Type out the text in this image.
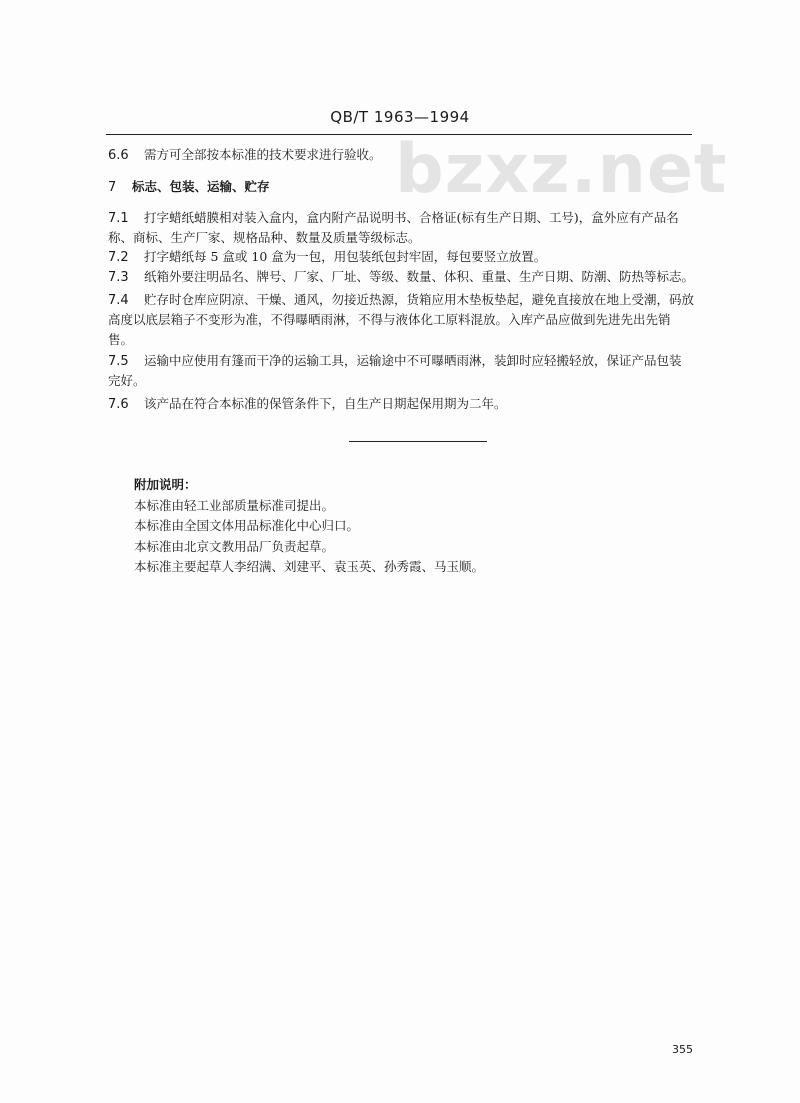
bzxz.net
QB/T 1963—1994
6.6 需方可全部按本标准的技术要求进行验收。
7 标志、包装、运输、贮存
7.1 打字蜡纸蜡膜相对装入盒内，盒内附产品说明书、合格证(标有生产日期、工号)，盒外应有产品名
称、商标、生产厂家、规格品种、数量及质量等级标志。
7.2 打字蜡纸每 5 盒或 10 盒为一包，用包装纸包封牢固，每包要竖立放置。
7.3 纸箱外要注明品名、牌号、厂家、厂址、等级、数量、体积、重量、生产日期、防潮、防热等标志。
7.4 贮存时仓库应阴凉、干燥、通风，勿接近热源，货箱应用木垫板垫起，避免直接放在地上受潮，码放
高度以底层箱子不变形为准，不得曝晒雨淋，不得与液体化工原料混放。入库产品应做到先进先出先销
售。
7.5 运输中应使用有篷而干净的运输工具，运输途中不可曝晒雨淋，装卸时应轻搬轻放，保证产品包装
完好。
7.6 该产品在符合本标准的保管条件下，自生产日期起保用期为二年。
附加说明：
本标准由轻工业部质量标准司提出。
本标准由全国文体用品标准化中心归口。
本标准由北京文教用品厂负责起草。
本标准主要起草人李绍满、刘建平、袁玉英、孙秀霞、马玉顺。
355
